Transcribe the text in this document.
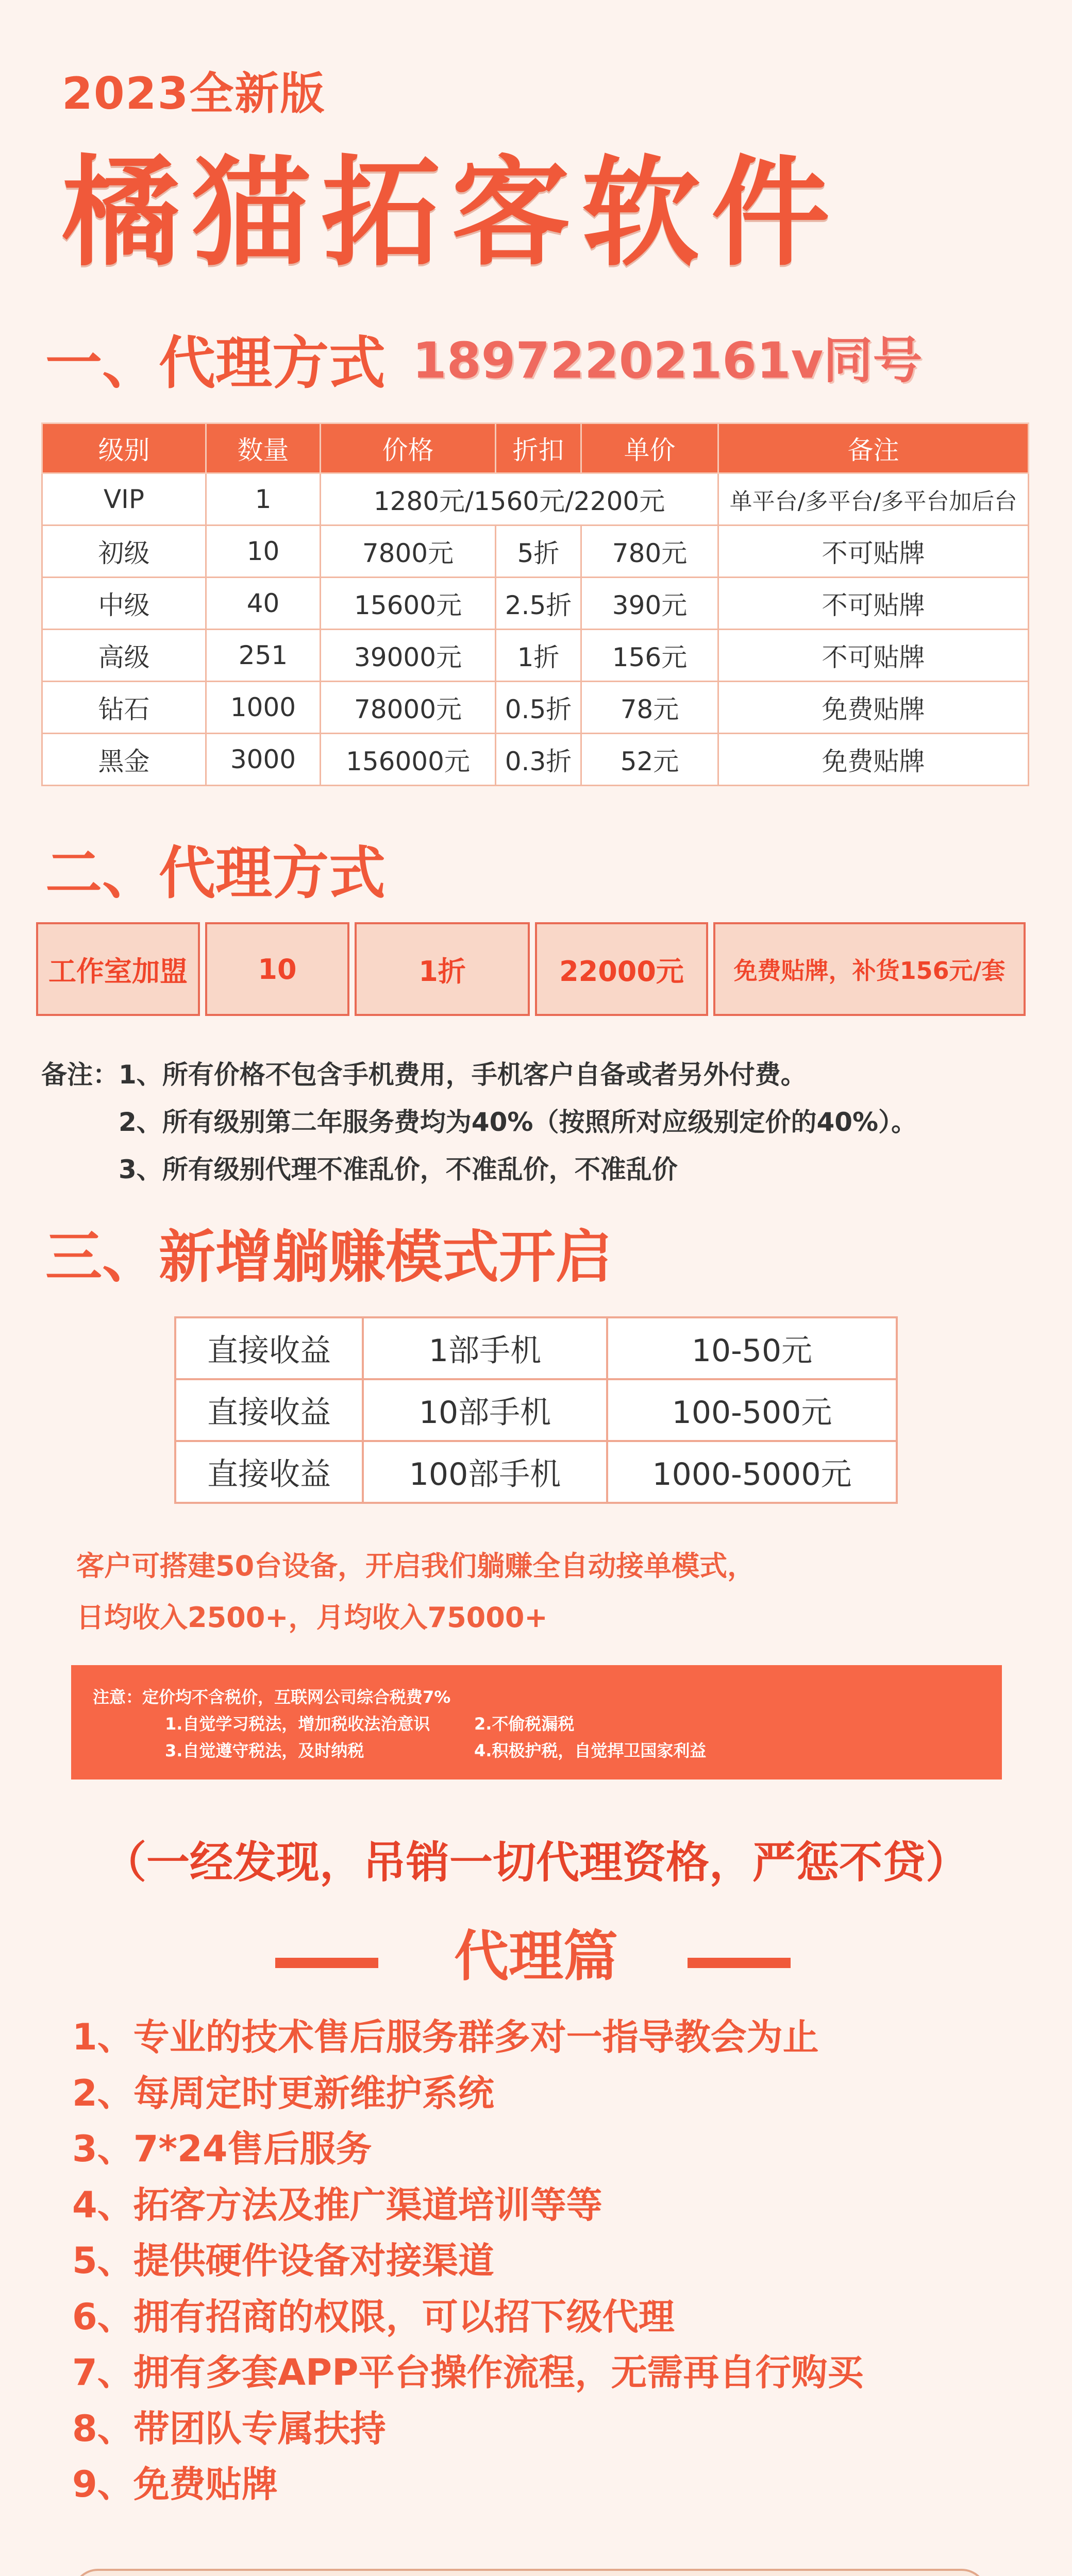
2023全新版
橘猫拓客软件
一、代理方式 18972202161v同号
级别	数量	价格	折扣	单价	备注
VIP	1	1280元/1560元/2200元			单平台/多平台/多平台加后台
初级	10	7800元	5折	780元	不可贴牌
中级	40	15600元	2.5折	390元	不可贴牌
高级	251	39000元	1折	156元	不可贴牌
钻石	1000	78000元	0.5折	78元	免费贴牌
黑金	3000	156000元	0.3折	52元	免费贴牌
二、代理方式
工作室加盟	10	1折	22000元	免费贴牌，补货156元/套
备注：1、所有价格不包含手机费用，手机客户自备或者另外付费。
2、所有级别第二年服务费均为40%（按照所对应级别定价的40%）。
3、所有级别代理不准乱价，不准乱价，不准乱价
三、新增躺赚模式开启
直接收益	1部手机	10-50元
直接收益	10部手机	100-500元
直接收益	100部手机	1000-5000元
客户可搭建50台设备，开启我们躺赚全自动接单模式，
日均收入2500+，月均收入75000+
注意：定价均不含税价，互联网公司综合税费7%
1.自觉学习税法，增加税收法治意识	2.不偷税漏税
3.自觉遵守税法，及时纳税	4.积极护税，自觉捍卫国家利益
（一经发现，吊销一切代理资格，严惩不贷）
代理篇
1、专业的技术售后服务群多对一指导教会为止
2、每周定时更新维护系统
3、7*24售后服务
4、拓客方法及推广渠道培训等等
5、提供硬件设备对接渠道
6、拥有招商的权限，可以招下级代理
7、拥有多套APP平台操作流程，无需再自行购买
8、带团队专属扶持
9、免费贴牌
